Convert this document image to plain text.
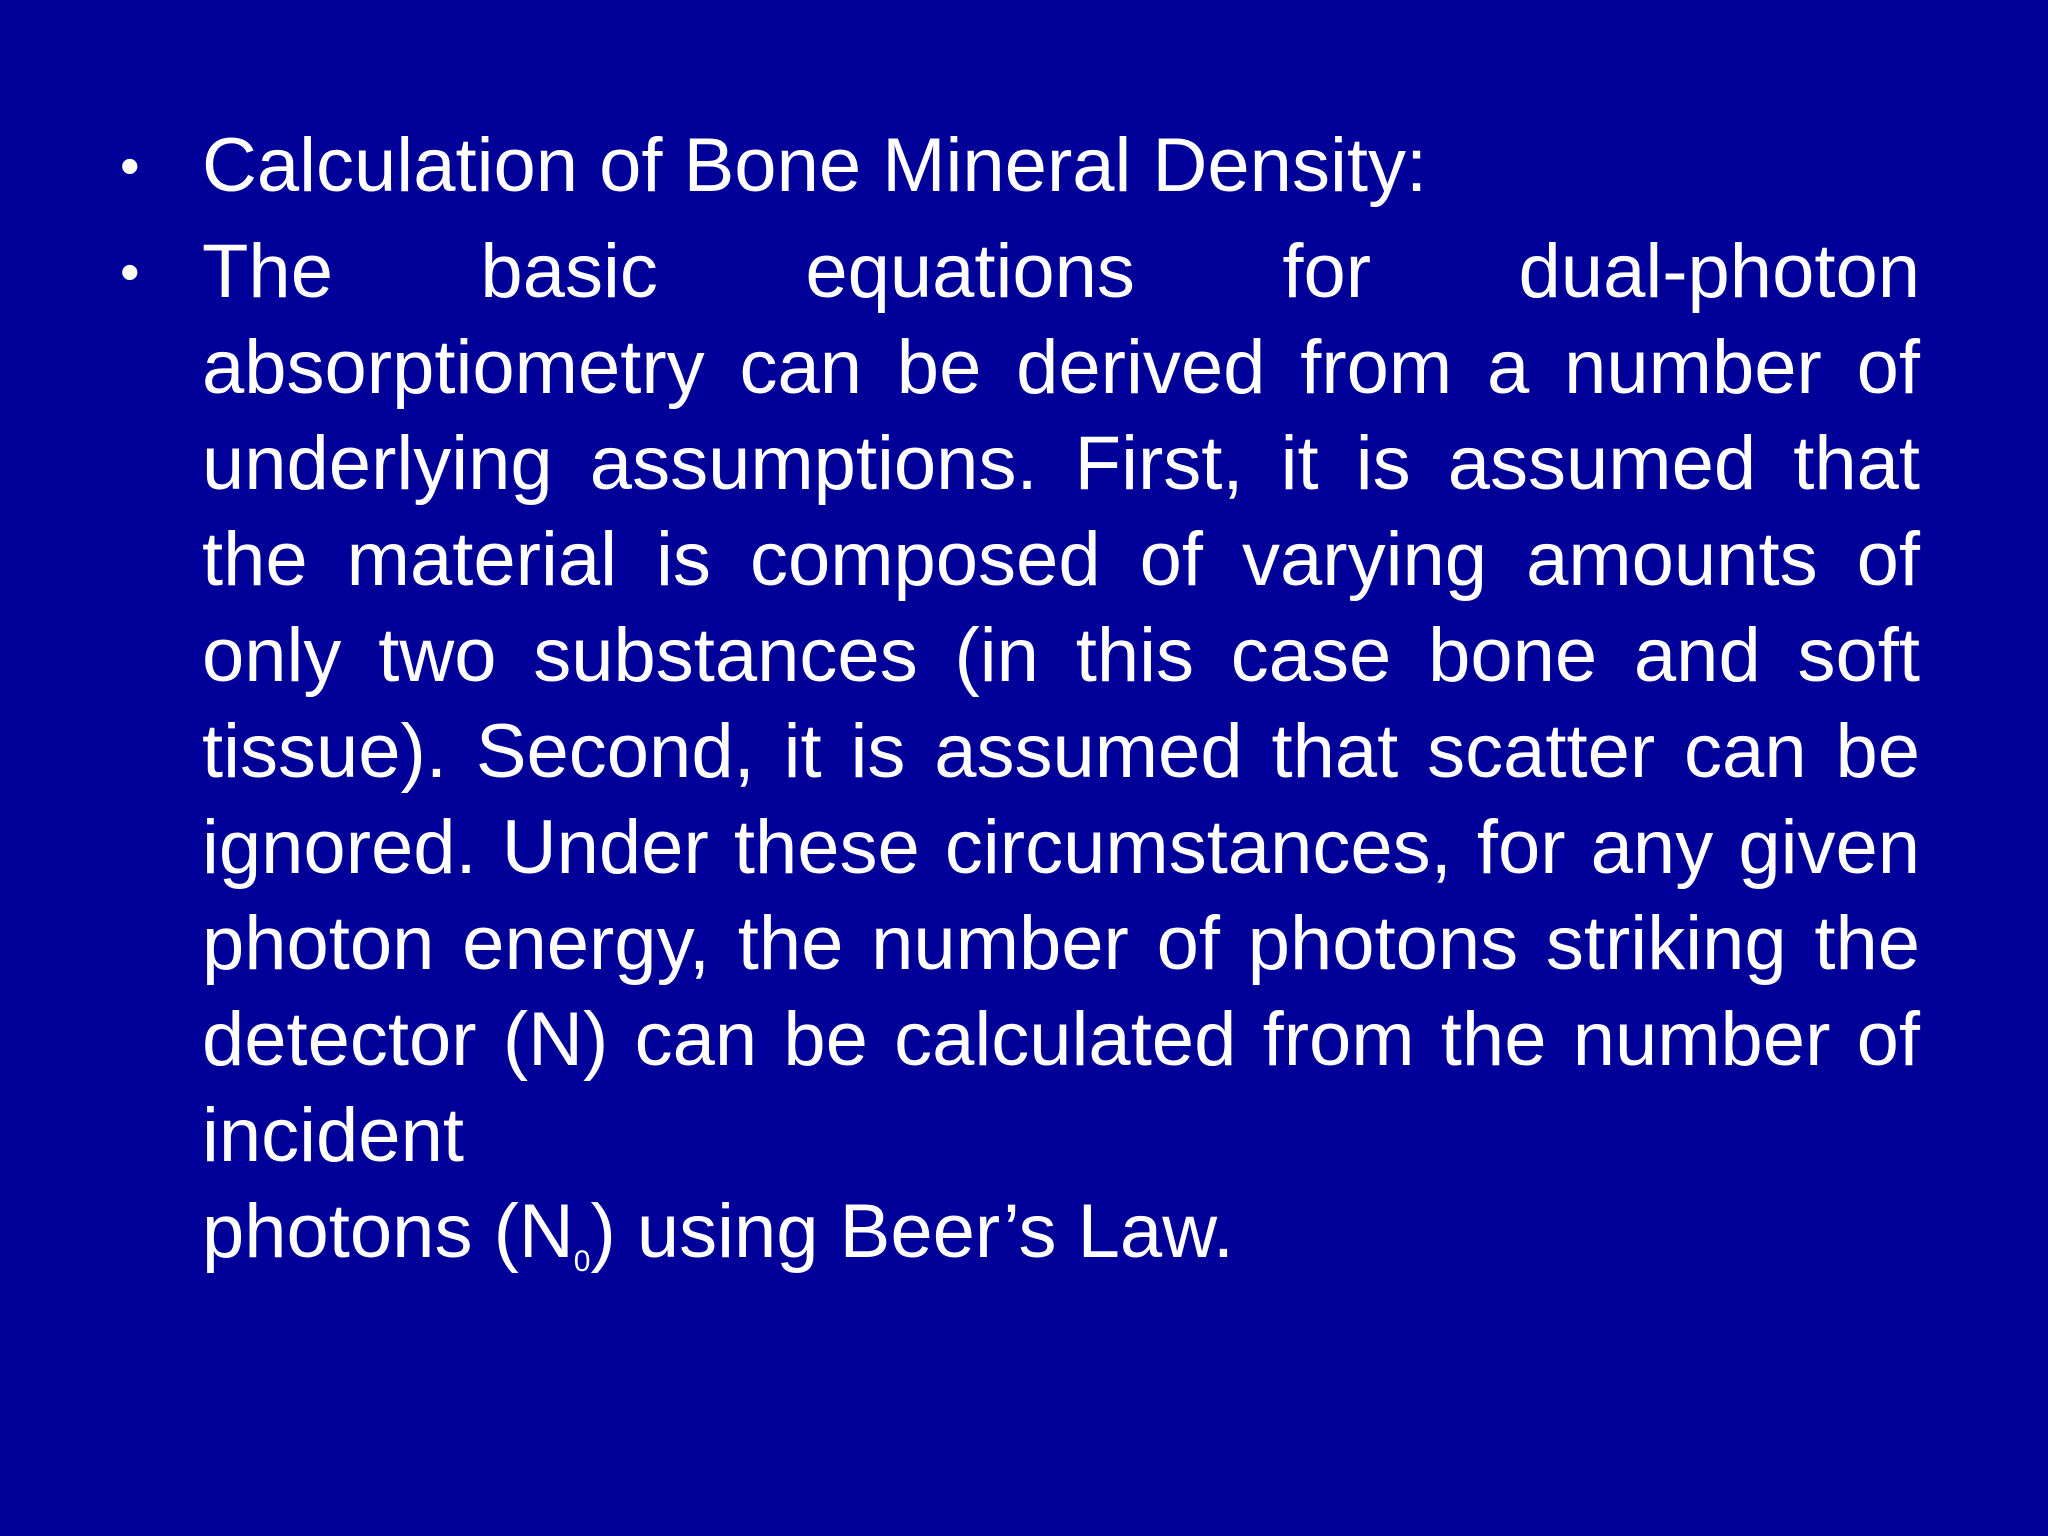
• Calculation of Bone Mineral Density:
• The basic equations for dual-photon absorptiometry can be derived from a number of underlying assumptions. First, it is assumed that the material is composed of varying amounts of only two substances (in this case bone and soft tissue). Second, it is assumed that scatter can be ignored. Under these circumstances, for any given photon energy, the number of photons striking the detector (N) can be calculated from the number of incident
photons $(N_0)$ using Beer’s Law.
